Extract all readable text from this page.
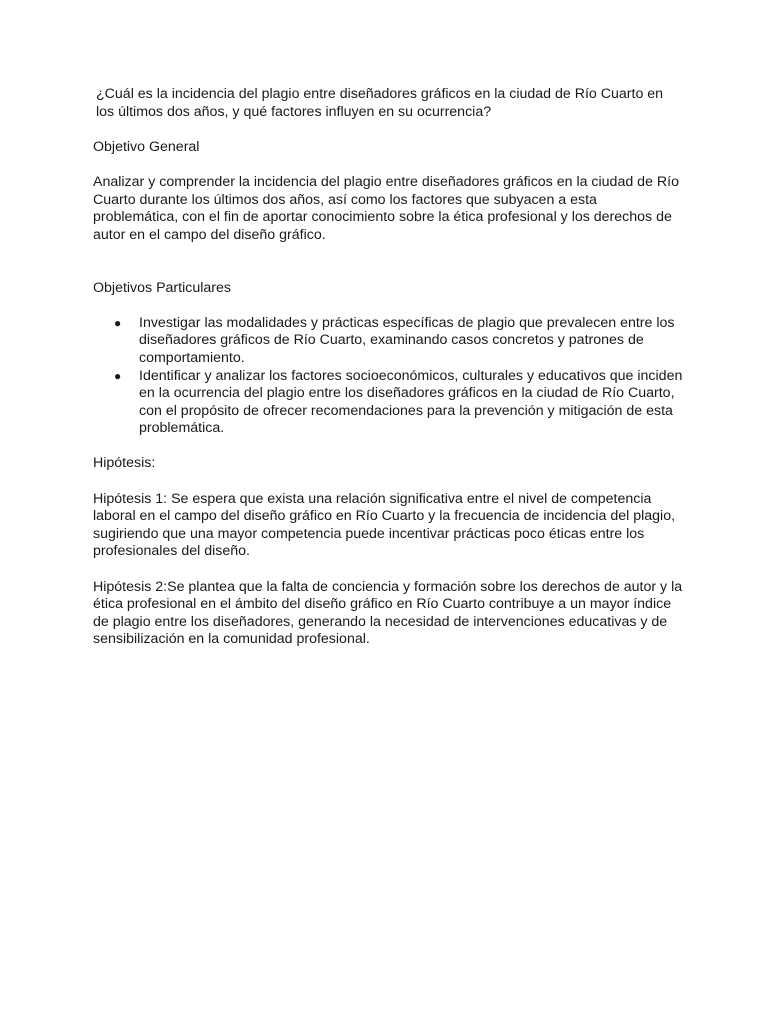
¿Cuál es la incidencia del plagio entre diseñadores gráficos en la ciudad de Río Cuarto en los últimos dos años, y qué factores influyen en su ocurrencia?

Objetivo General

Analizar y comprender la incidencia del plagio entre diseñadores gráficos en la ciudad de Río Cuarto durante los últimos dos años, así como los factores que subyacen a esta problemática, con el fin de aportar conocimiento sobre la ética profesional y los derechos de autor en el campo del diseño gráfico.

Objetivos Particulares

● Investigar las modalidades y prácticas específicas de plagio que prevalecen entre los diseñadores gráficos de Río Cuarto, examinando casos concretos y patrones de comportamiento.
● Identificar y analizar los factores socioeconómicos, culturales y educativos que inciden en la ocurrencia del plagio entre los diseñadores gráficos en la ciudad de Río Cuarto, con el propósito de ofrecer recomendaciones para la prevención y mitigación de esta problemática.

Hipótesis:

Hipótesis 1: Se espera que exista una relación significativa entre el nivel de competencia laboral en el campo del diseño gráfico en Río Cuarto y la frecuencia de incidencia del plagio, sugiriendo que una mayor competencia puede incentivar prácticas poco éticas entre los profesionales del diseño.

Hipótesis 2:Se plantea que la falta de conciencia y formación sobre los derechos de autor y la ética profesional en el ámbito del diseño gráfico en Río Cuarto contribuye a un mayor índice de plagio entre los diseñadores, generando la necesidad de intervenciones educativas y de sensibilización en la comunidad profesional.
